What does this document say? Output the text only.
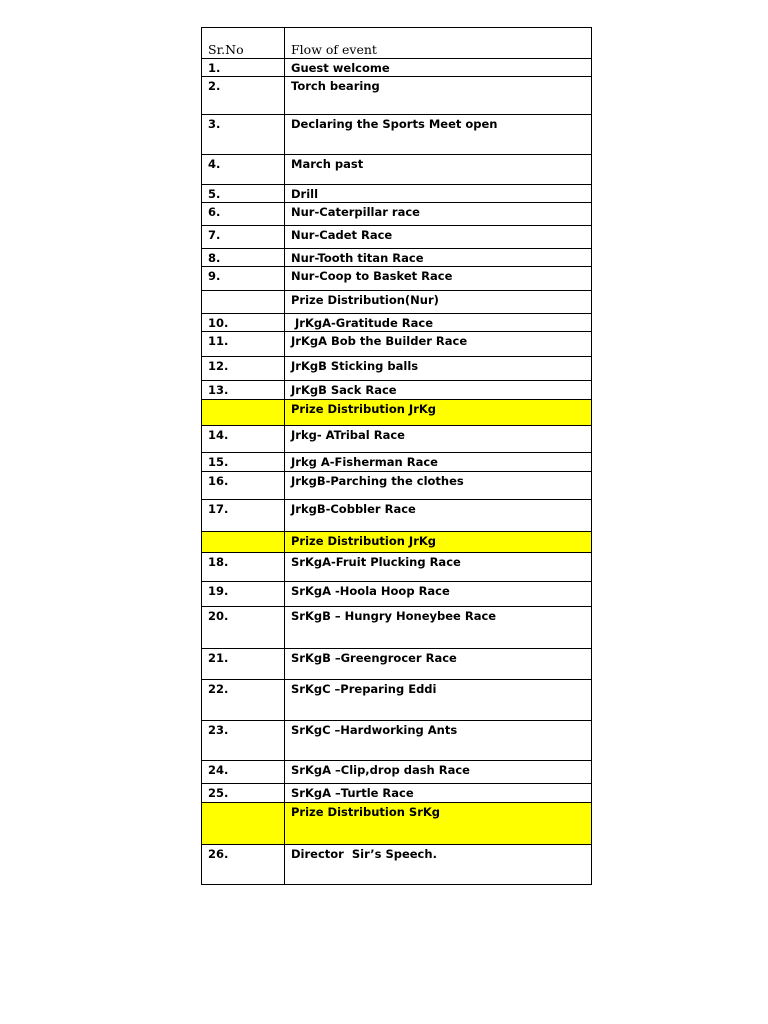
Sr.No	Flow of event

1.	Guest welcome

2.	Torch bearing

3.	Declaring the Sports Meet open

4.	March past

5.	Drill

6.	Nur-Caterpillar race

7.	Nur-Cadet Race

8.	Nur-Tooth titan Race

9.	Nur-Coop to Basket Race

	Prize Distribution(Nur)

10.	JrKgA-Gratitude Race

11.	JrKgA Bob the Builder Race

12.	JrKgB Sticking balls

13.	JrKgB Sack Race

	Prize Distribution JrKg

14.	Jrkg- ATribal Race

15.	Jrkg A-Fisherman Race

16.	JrkgB-Parching the clothes

17.	JrkgB-Cobbler Race

	Prize Distribution JrKg

18.	SrKgA-Fruit Plucking Race

19.	SrKgA -Hoola Hoop Race

20.	SrKgB – Hungry Honeybee Race

21.	SrKgB –Greengrocer Race

22.	SrKgC –Preparing Eddi

23.	SrKgC –Hardworking Ants

24.	SrKgA –Clip,drop dash Race

25.	SrKgA –Turtle Race

	Prize Distribution SrKg

26.	Director  Sir’s Speech.
